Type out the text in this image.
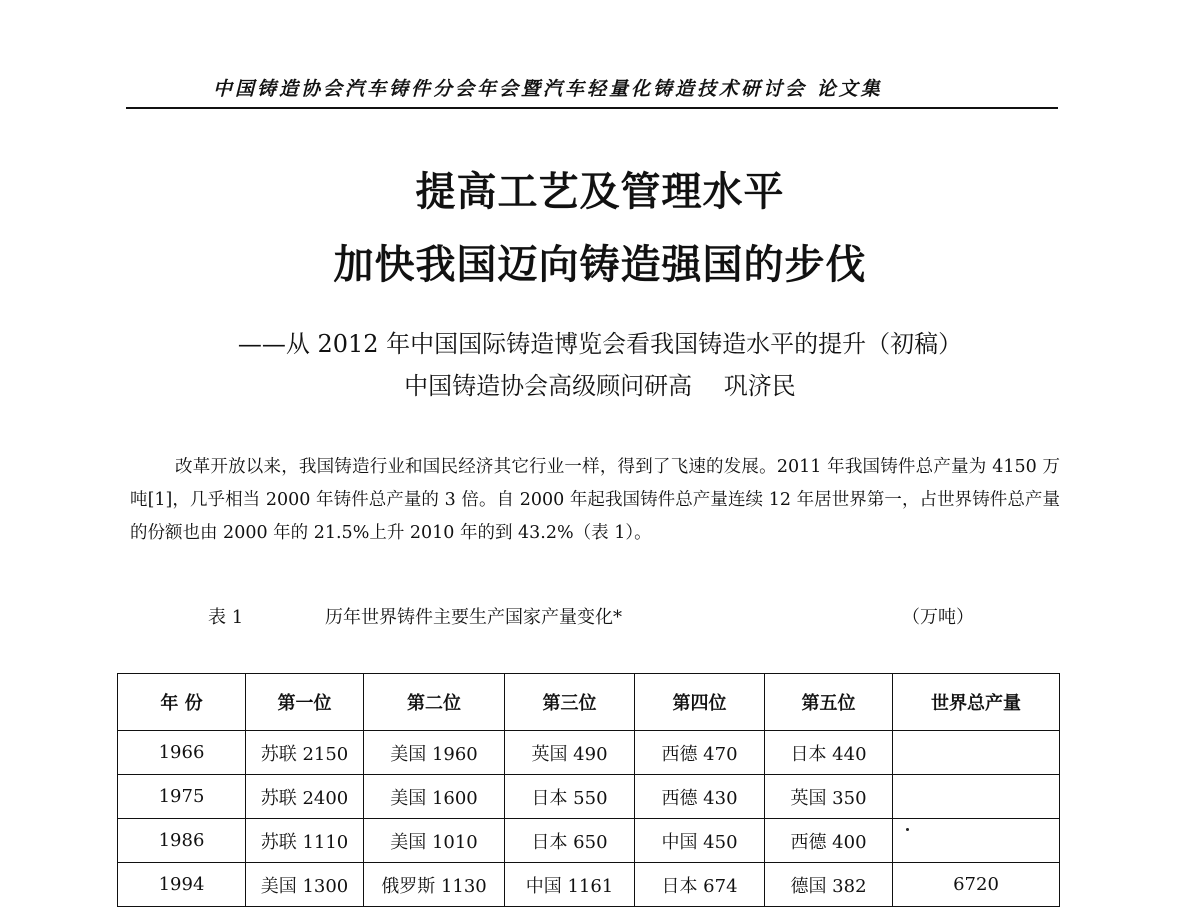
中国铸造协会汽车铸件分会年会暨汽车轻量化铸造技术研讨会 论文集
提高工艺及管理水平
加快我国迈向铸造强国的步伐
——从 2012 年中国国际铸造博览会看我国铸造水平的提升（初稿）
中国铸造协会高级顾问研高　 巩济民

改革开放以来，我国铸造行业和国民经济其它行业一样，得到了飞速的发展。2011 年我国铸件总产量为 4150 万吨[1]，几乎相当 2000 年铸件总产量的 3 倍。自 2000 年起我国铸件总产量连续 12 年居世界第一，占世界铸件总产量的份额也由 2000 年的 21.5%上升 2010 年的到 43.2%（表 1）。

表 1	历年世界铸件主要生产国家产量变化*	（万吨）
年 份	第一位	第二位	第三位	第四位	第五位	世界总产量
1966	苏联 2150	美国 1960	英国 490	西德 470	日本 440	
1975	苏联 2400	美国 1600	日本 550	西德 430	英国 350	
1986	苏联 1110	美国 1010	日本 650	中国 450	西德 400	
1994	美国 1300	俄罗斯 1130	中国 1161	日本 674	德国 382	6720
